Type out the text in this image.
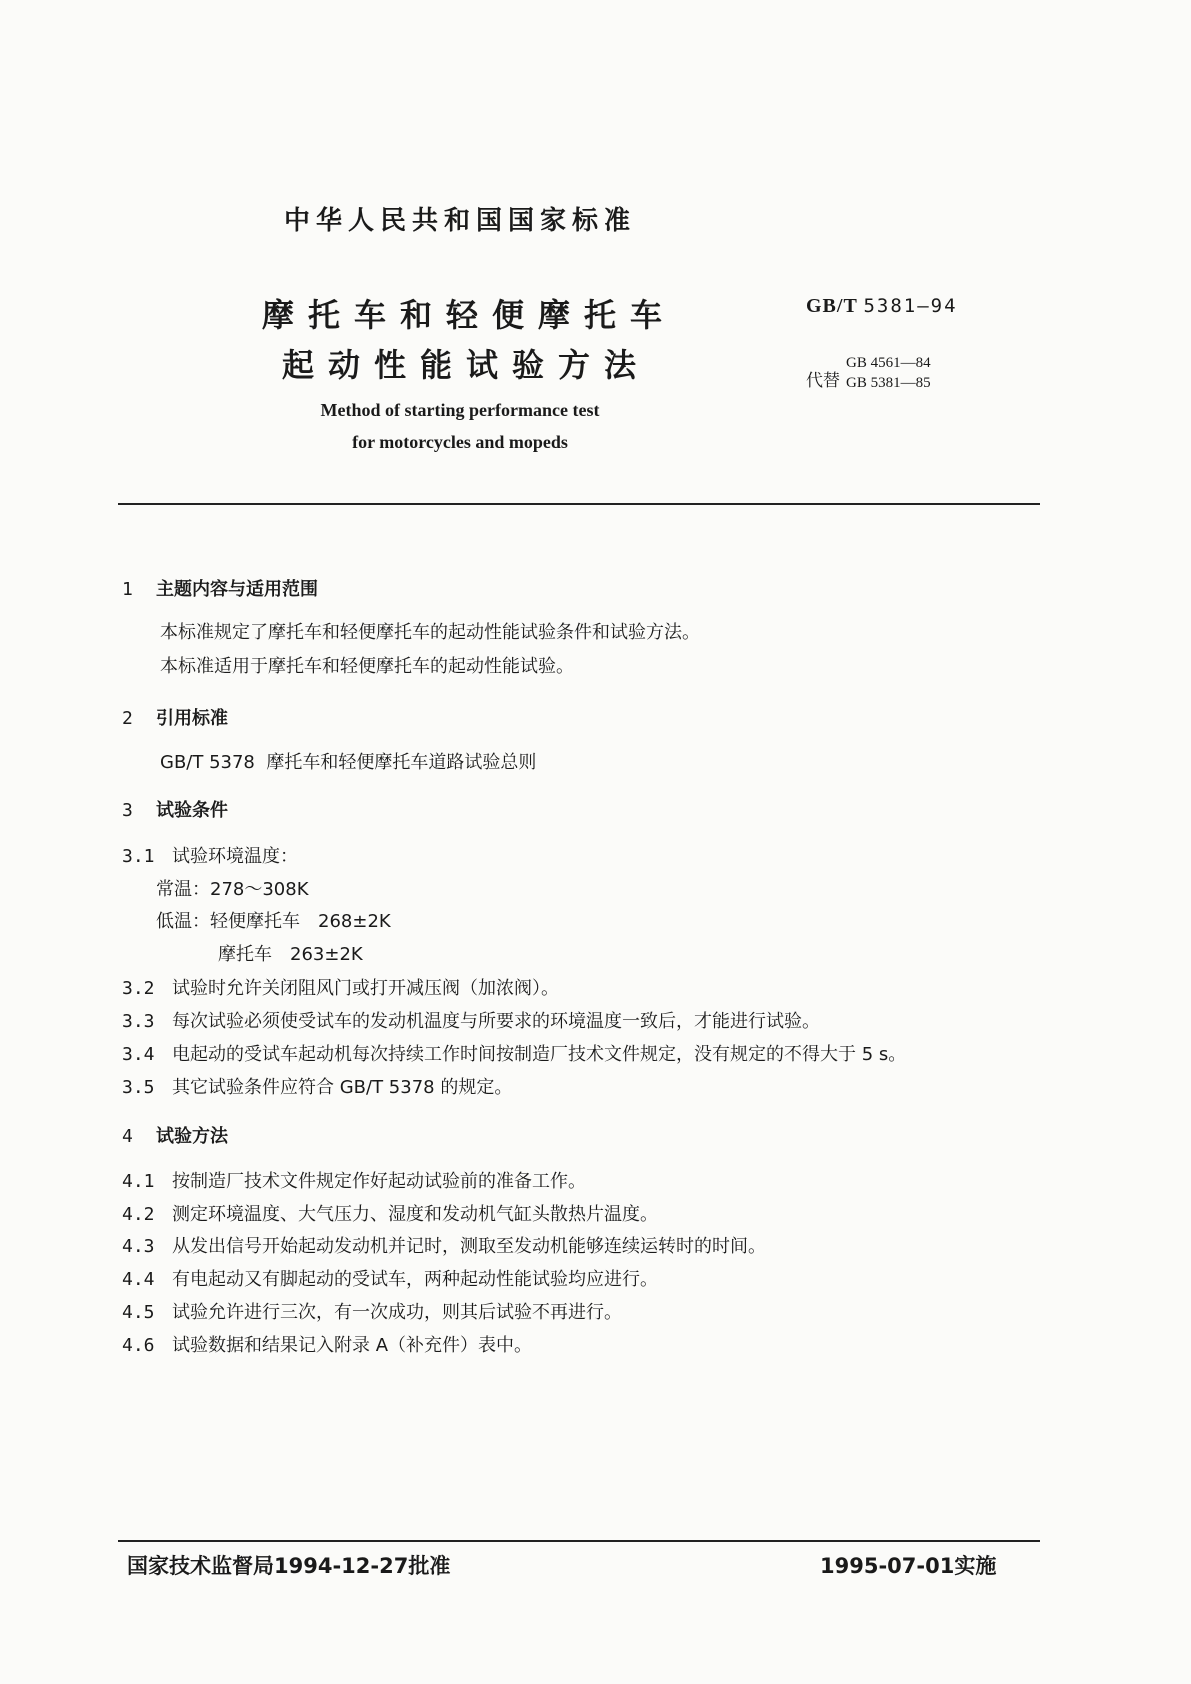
中华人民共和国国家标准
摩托车和轻便摩托车
起动性能试验方法
GB/T 5381—94
代替
GB 4561—84
GB 5381—85
Method of starting performance test
for motorcycles and mopeds
1 主题内容与适用范围
本标准规定了摩托车和轻便摩托车的起动性能试验条件和试验方法。
本标准适用于摩托车和轻便摩托车的起动性能试验。
2 引用标准
GB/T 5378 摩托车和轻便摩托车道路试验总则
3 试验条件
3.1 试验环境温度：
常温：278～308K
低温：轻便摩托车　268±2K
摩托车　263±2K
3.2 试验时允许关闭阻风门或打开减压阀（加浓阀）。
3.3 每次试验必须使受试车的发动机温度与所要求的环境温度一致后，才能进行试验。
3.4 电起动的受试车起动机每次持续工作时间按制造厂技术文件规定，没有规定的不得大于 5 s。
3.5 其它试验条件应符合 GB/T 5378 的规定。
4 试验方法
4.1 按制造厂技术文件规定作好起动试验前的准备工作。
4.2 测定环境温度、大气压力、湿度和发动机气缸头散热片温度。
4.3 从发出信号开始起动发动机并记时，测取至发动机能够连续运转时的时间。
4.4 有电起动又有脚起动的受试车，两种起动性能试验均应进行。
4.5 试验允许进行三次，有一次成功，则其后试验不再进行。
4.6 试验数据和结果记入附录 A（补充件）表中。
国家技术监督局1994-12-27批准	1995-07-01实施
